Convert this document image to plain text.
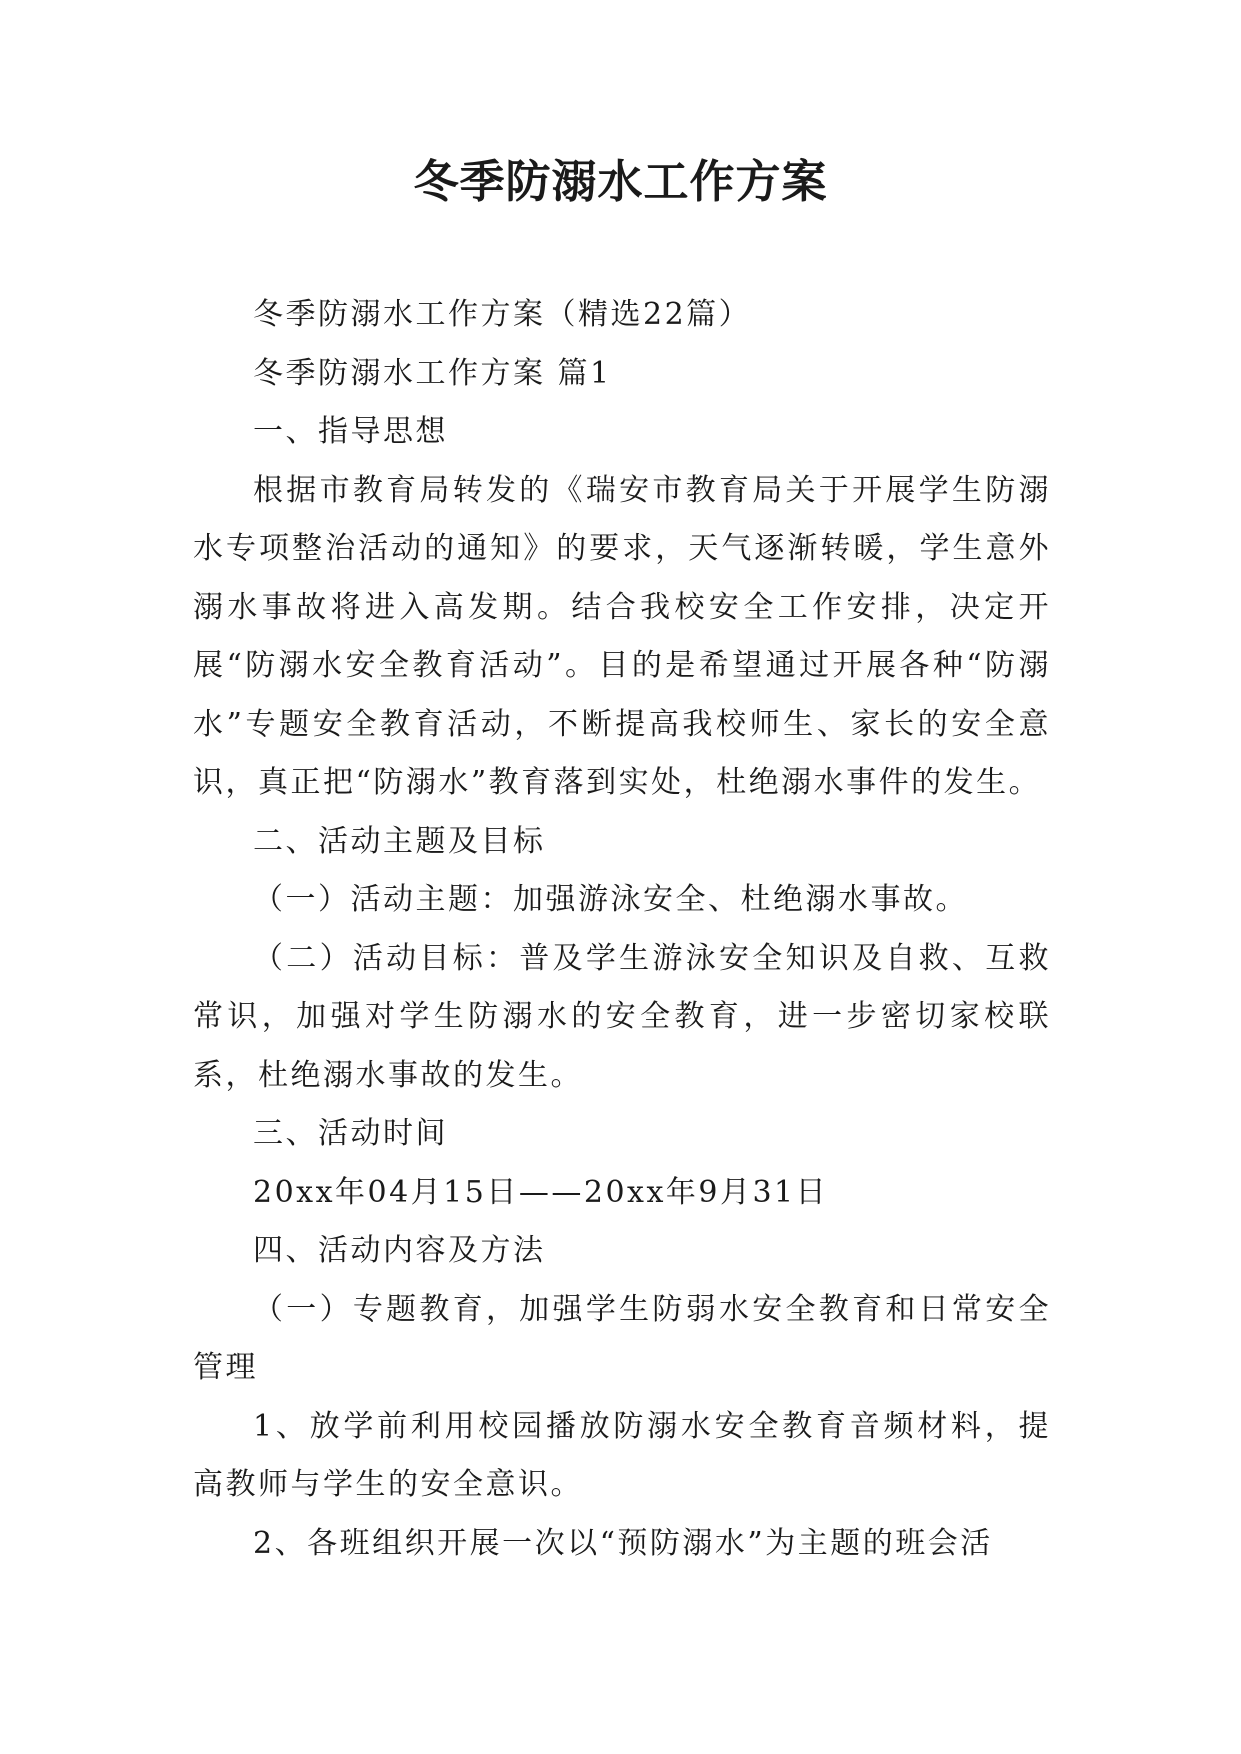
冬季防溺水工作方案

冬季防溺水工作方案（精选22篇）

冬季防溺水工作方案 篇1

一、指导思想

根据市教育局转发的《瑞安市教育局关于开展学生防溺水专项整治活动的通知》的要求，天气逐渐转暖，学生意外溺水事故将进入高发期。结合我校安全工作安排，决定开展“防溺水安全教育活动”。目的是希望通过开展各种“防溺水”专题安全教育活动，不断提高我校师生、家长的安全意识，真正把“防溺水”教育落到实处，杜绝溺水事件的发生。

二、活动主题及目标

（一）活动主题：加强游泳安全、杜绝溺水事故。

（二）活动目标：普及学生游泳安全知识及自救、互救常识，加强对学生防溺水的安全教育，进一步密切家校联系，杜绝溺水事故的发生。

三、活动时间

20xx年04月15日——20xx年9月31日

四、活动内容及方法

（一）专题教育，加强学生防弱水安全教育和日常安全管理

1、放学前利用校园播放防溺水安全教育音频材料，提高教师与学生的安全意识。

2、各班组织开展一次以“预防溺水”为主题的班会活
